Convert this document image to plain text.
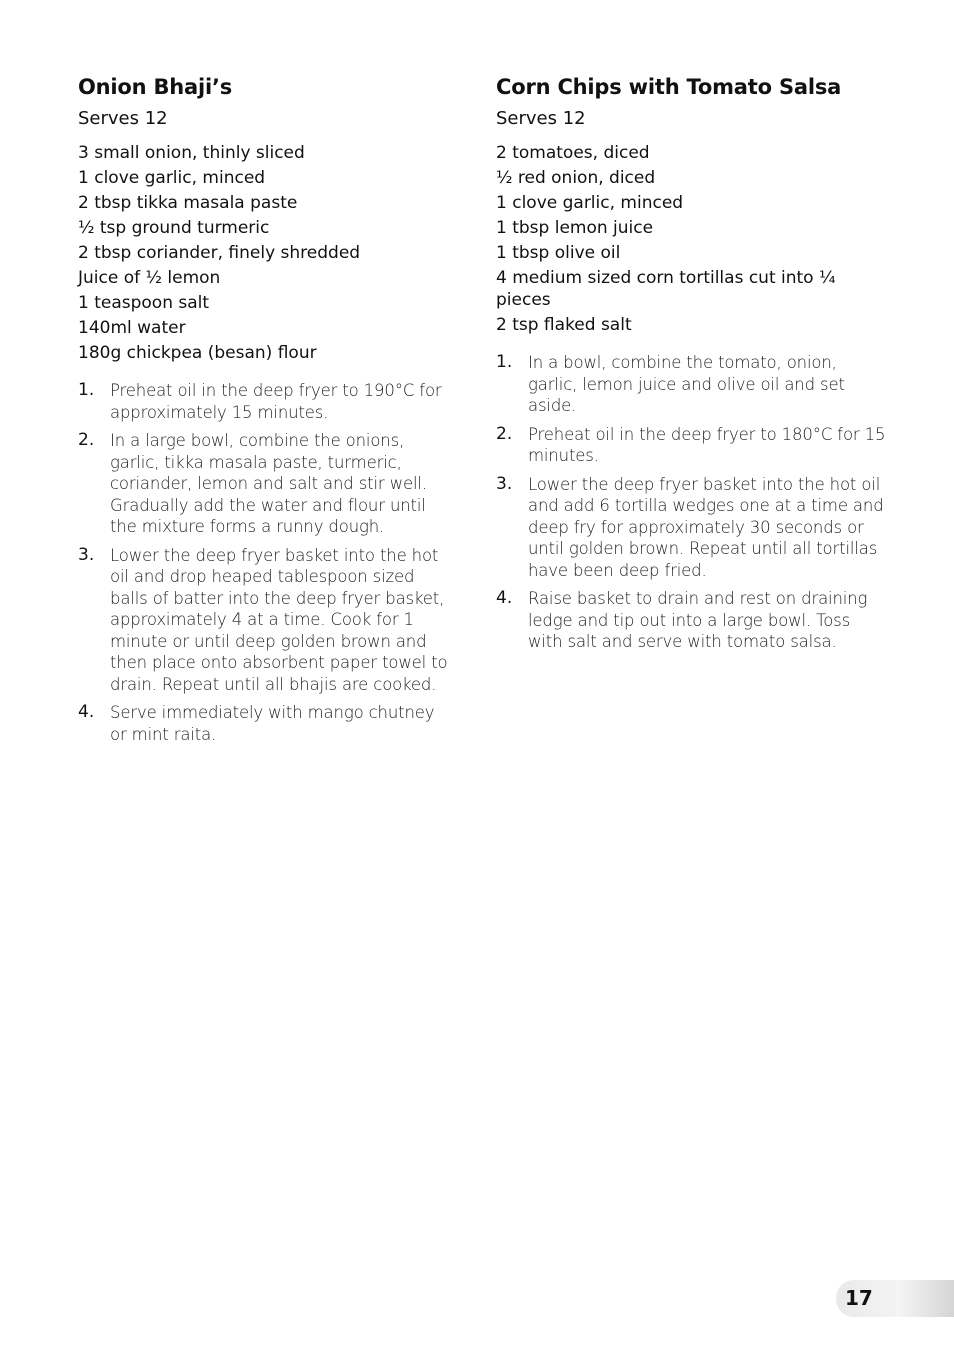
Onion Bhaji’s
Serves 12
3 small onion, thinly sliced
1 clove garlic, minced
2 tbsp tikka masala paste
½ tsp ground turmeric
2 tbsp coriander, finely shredded
Juice of ½ lemon
1 teaspoon salt
140ml water
180g chickpea (besan) flour
1. Preheat oil in the deep fryer to 190°C for approximately 15 minutes.
2. In a large bowl, combine the onions, garlic, tikka masala paste, turmeric, coriander, lemon and salt and stir well. Gradually add the water and flour until the mixture forms a runny dough.
3. Lower the deep fryer basket into the hot oil and drop heaped tablespoon sized balls of batter into the deep fryer basket, approximately 4 at a time. Cook for 1 minute or until deep golden brown and then place onto absorbent paper towel to drain. Repeat until all bhajis are cooked.
4. Serve immediately with mango chutney or mint raita.
Corn Chips with Tomato Salsa
Serves 12
2 tomatoes, diced
½ red onion, diced
1 clove garlic, minced
1 tbsp lemon juice
1 tbsp olive oil
4 medium sized corn tortillas cut into ¼ pieces
2 tsp flaked salt
1. In a bowl, combine the tomato, onion, garlic, lemon juice and olive oil and set aside.
2. Preheat oil in the deep fryer to 180°C for 15 minutes.
3. Lower the deep fryer basket into the hot oil and add 6 tortilla wedges one at a time and deep fry for approximately 30 seconds or until golden brown. Repeat until all tortillas have been deep fried.
4. Raise basket to drain and rest on draining ledge and tip out into a large bowl. Toss with salt and serve with tomato salsa.
17
